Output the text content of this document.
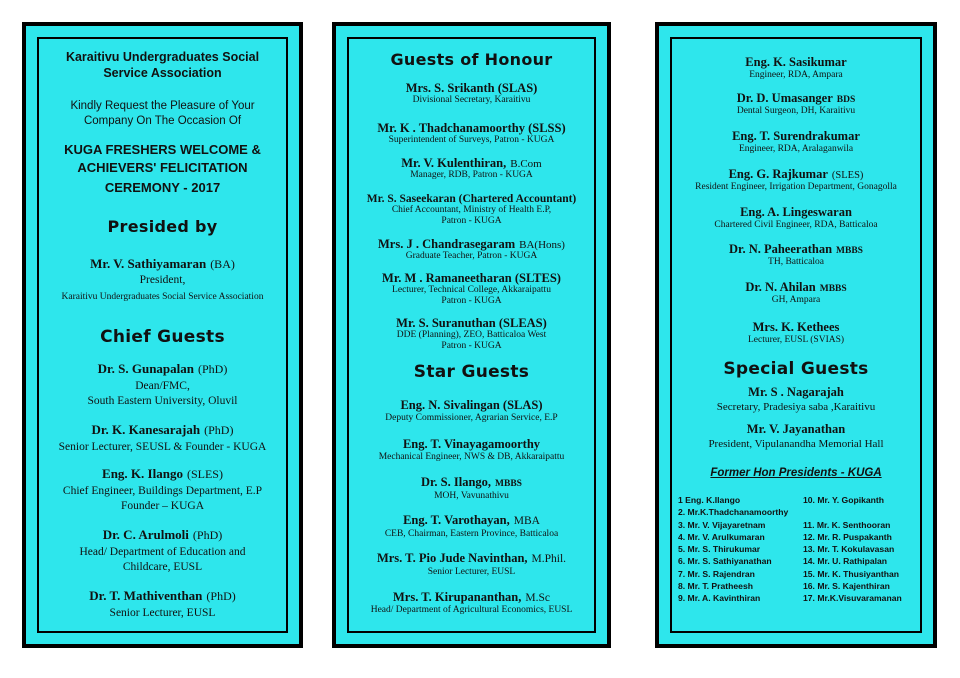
Karaitivu Undergraduates Social
Service Association
Kindly Request the Pleasure of Your
Company On The Occasion Of
KUGA FRESHERS WELCOME &
ACHIEVERS' FELICITATION
CEREMONY - 2017
Presided by
Mr. V. Sathiyamaran (BA)
President,
Karaitivu Undergraduates Social Service Association
Chief Guests
Dr. S. Gunapalan (PhD)
Dean/FMC,
South Eastern University, Oluvil
Dr. K. Kanesarajah (PhD)
Senior Lecturer, SEUSL & Founder - KUGA
Eng. K. Ilango (SLES)
Chief Engineer, Buildings Department, E.P
Founder – KUGA
Dr. C. Arulmoli (PhD)
Head/ Department of Education and
Childcare, EUSL
Dr. T. Mathiventhan (PhD)
Senior Lecturer, EUSL
Guests of Honour
Mrs. S. Srikanth (SLAS)
Divisional Secretary, Karaitivu
Mr. K . Thadchanamoorthy (SLSS)
Superintendent of Surveys, Patron - KUGA
Mr. V. Kulenthiran, B.Com
Manager, RDB, Patron - KUGA
Mr. S. Saseekaran (Chartered Accountant)
Chief Accountant, Ministry of Health E.P,
Patron - KUGA
Mrs. J . Chandrasegaram BA(Hons)
Graduate Teacher, Patron - KUGA
Mr. M . Ramaneetharan (SLTES)
Lecturer, Technical College, Akkaraipattu
Patron - KUGA
Mr. S. Suranuthan (SLEAS)
DDE (Planning), ZEO, Batticaloa West
Patron - KUGA
Star Guests
Eng. N. Sivalingan (SLAS)
Deputy Commissioner, Agrarian Service, E.P
Eng. T. Vinayagamoorthy
Mechanical Engineer, NWS & DB, Akkaraipattu
Dr. S. Ilango, MBBS
MOH, Vavunathivu
Eng. T. Varothayan, MBA
CEB, Chairman, Eastern Province, Batticaloa
Mrs. T. Pio Jude Navinthan, M.Phil.
Senior Lecturer, EUSL
Mrs. T. Kirupananthan, M.Sc
Head/ Department of Agricultural Economics, EUSL
Eng. K. Sasikumar
Engineer, RDA, Ampara
Dr. D. Umasanger BDS
Dental Surgeon, DH, Karaitivu
Eng. T. Surendrakumar
Engineer, RDA, Aralaganwila
Eng. G. Rajkumar (SLES)
Resident Engineer, Irrigation Department, Gonagolla
Eng. A. Lingeswaran
Chartered Civil Engineer, RDA, Batticaloa
Dr. N. Paheerathan MBBS
TH, Batticaloa
Dr. N. Ahilan MBBS
GH, Ampara
Mrs. K. Kethees
Lecturer, EUSL (SVIAS)
Special Guests
Mr. S . Nagarajah
Secretary, Pradesiya saba ,Karaitivu
Mr. V. Jayanathan
President, Vipulanandha Memorial Hall
Former Hon Presidents - KUGA
1 Eng. K.Ilango
2. Mr.K.Thadchanamoorthy
3. Mr. V. Vijayaretnam
4. Mr. V. Arulkumaran
5. Mr. S. Thirukumar
6. Mr. S. Sathiyanathan
7. Mr. S. Rajendran
8. Mr. T. Pratheesh
9. Mr. A. Kavinthiran
10. Mr. Y. Gopikanth

11. Mr. K. Senthooran
12. Mr. R. Puspakanth
13. Mr. T. Kokulavasan
14. Mr. U. Rathipalan
15. Mr. K. Thusiyanthan
16. Mr. S. Kajenthiran
17. Mr.K.Visuvaramanan
